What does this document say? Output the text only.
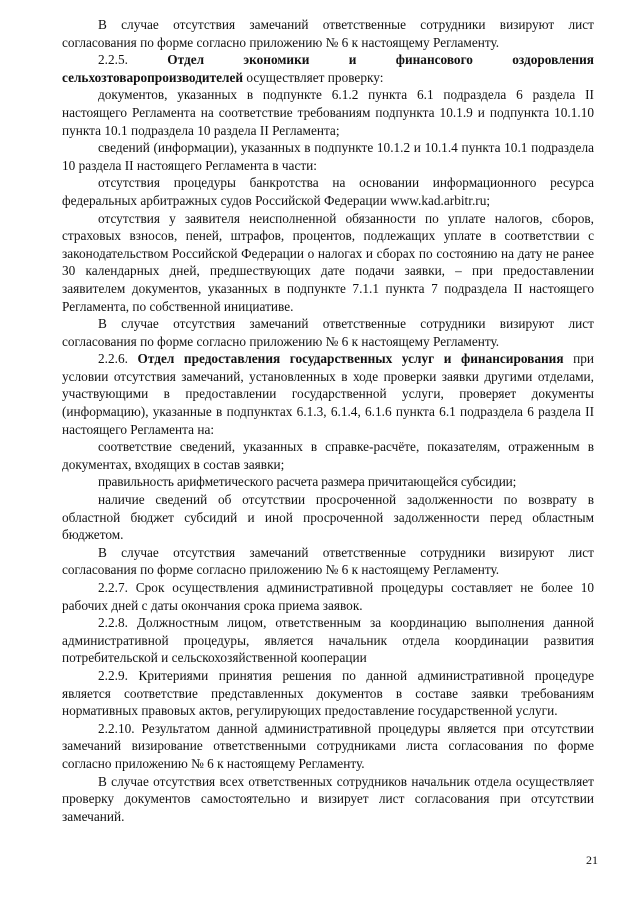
В случае отсутствия замечаний ответственные сотрудники визируют лист согласования по форме согласно приложению № 6 к настоящему Регламенту.

2.2.5.	Отдел экономики и финансового оздоровления сельхозтоваропроизводителей осуществляет проверку:

документов, указанных в подпункте 6.1.2 пункта 6.1 подраздела 6 раздела II настоящего Регламента на соответствие требованиям подпункта 10.1.9 и подпункта 10.1.10 пункта 10.1 подраздела 10 раздела II Регламента;

сведений (информации), указанных в подпункте 10.1.2 и 10.1.4 пункта 10.1 подраздела 10 раздела II настоящего Регламента в части:

отсутствия процедуры банкротства на основании информационного ресурса федеральных арбитражных судов Российской Федерации www.kad.arbitr.ru;

отсутствия у заявителя неисполненной обязанности по уплате налогов, сборов, страховых взносов, пеней, штрафов, процентов, подлежащих уплате в соответствии с законодательством Российской Федерации о налогах и сборах по состоянию на дату не ранее 30 календарных дней, предшествующих дате подачи заявки, – при предоставлении заявителем документов, указанных в подпункте 7.1.1 пункта 7 подраздела II настоящего Регламента, по собственной инициативе.

В случае отсутствия замечаний ответственные сотрудники визируют лист согласования по форме согласно приложению № 6 к настоящему Регламенту.

2.2.6. Отдел предоставления государственных услуг и финансирования при условии отсутствия замечаний, установленных в ходе проверки заявки другими отделами, участвующими в предоставлении государственной услуги, проверяет документы (информацию), указанные в подпунктах 6.1.3, 6.1.4, 6.1.6 пункта 6.1 подраздела 6 раздела II настоящего Регламента на:

соответствие сведений, указанных в справке-расчёте, показателям, отраженным в документах, входящих в состав заявки;

правильность арифметического расчета размера причитающейся субсидии;

наличие сведений об отсутствии просроченной задолженности по возврату в областной бюджет субсидий и иной просроченной задолженности перед областным бюджетом.

В случае отсутствия замечаний ответственные сотрудники визируют лист согласования по форме согласно приложению № 6 к настоящему Регламенту.

2.2.7. Срок осуществления административной процедуры составляет не более 10 рабочих дней с даты окончания срока приема заявок.

2.2.8. Должностным лицом, ответственным за координацию выполнения данной административной процедуры, является начальник отдела координации развития потребительской и сельскохозяйственной кооперации

2.2.9. Критериями принятия решения по данной административной процедуре является соответствие представленных документов в составе заявки требованиям нормативных правовых актов, регулирующих предоставление государственной услуги.

2.2.10. Результатом данной административной процедуры является при отсутствии замечаний визирование ответственными сотрудниками листа согласования по форме согласно приложению № 6 к настоящему Регламенту.

В случае отсутствия всех ответственных сотрудников начальник отдела осуществляет проверку документов самостоятельно и визирует лист согласования при отсутствии замечаний.

21
